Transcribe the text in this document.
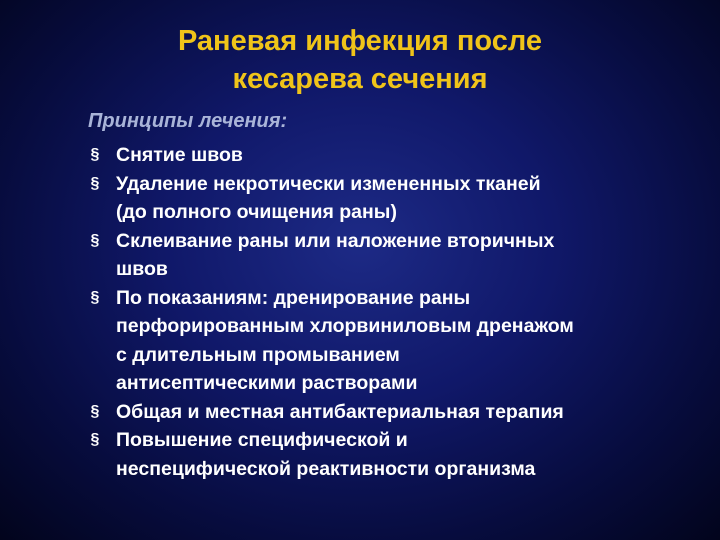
Раневая инфекция после
кесарева сечения

Принципы лечения:

§ Снятие швов
§ Удаление некротически измененных тканей
(до полного очищения раны)
§ Склеивание раны или наложение вторичных
швов
§ По показаниям: дренирование раны
перфорированным хлорвиниловым дренажом
с длительным промыванием
антисептическими растворами
§ Общая и местная антибактериальная терапия
§ Повышение специфической и
неспецифической реактивности организма
